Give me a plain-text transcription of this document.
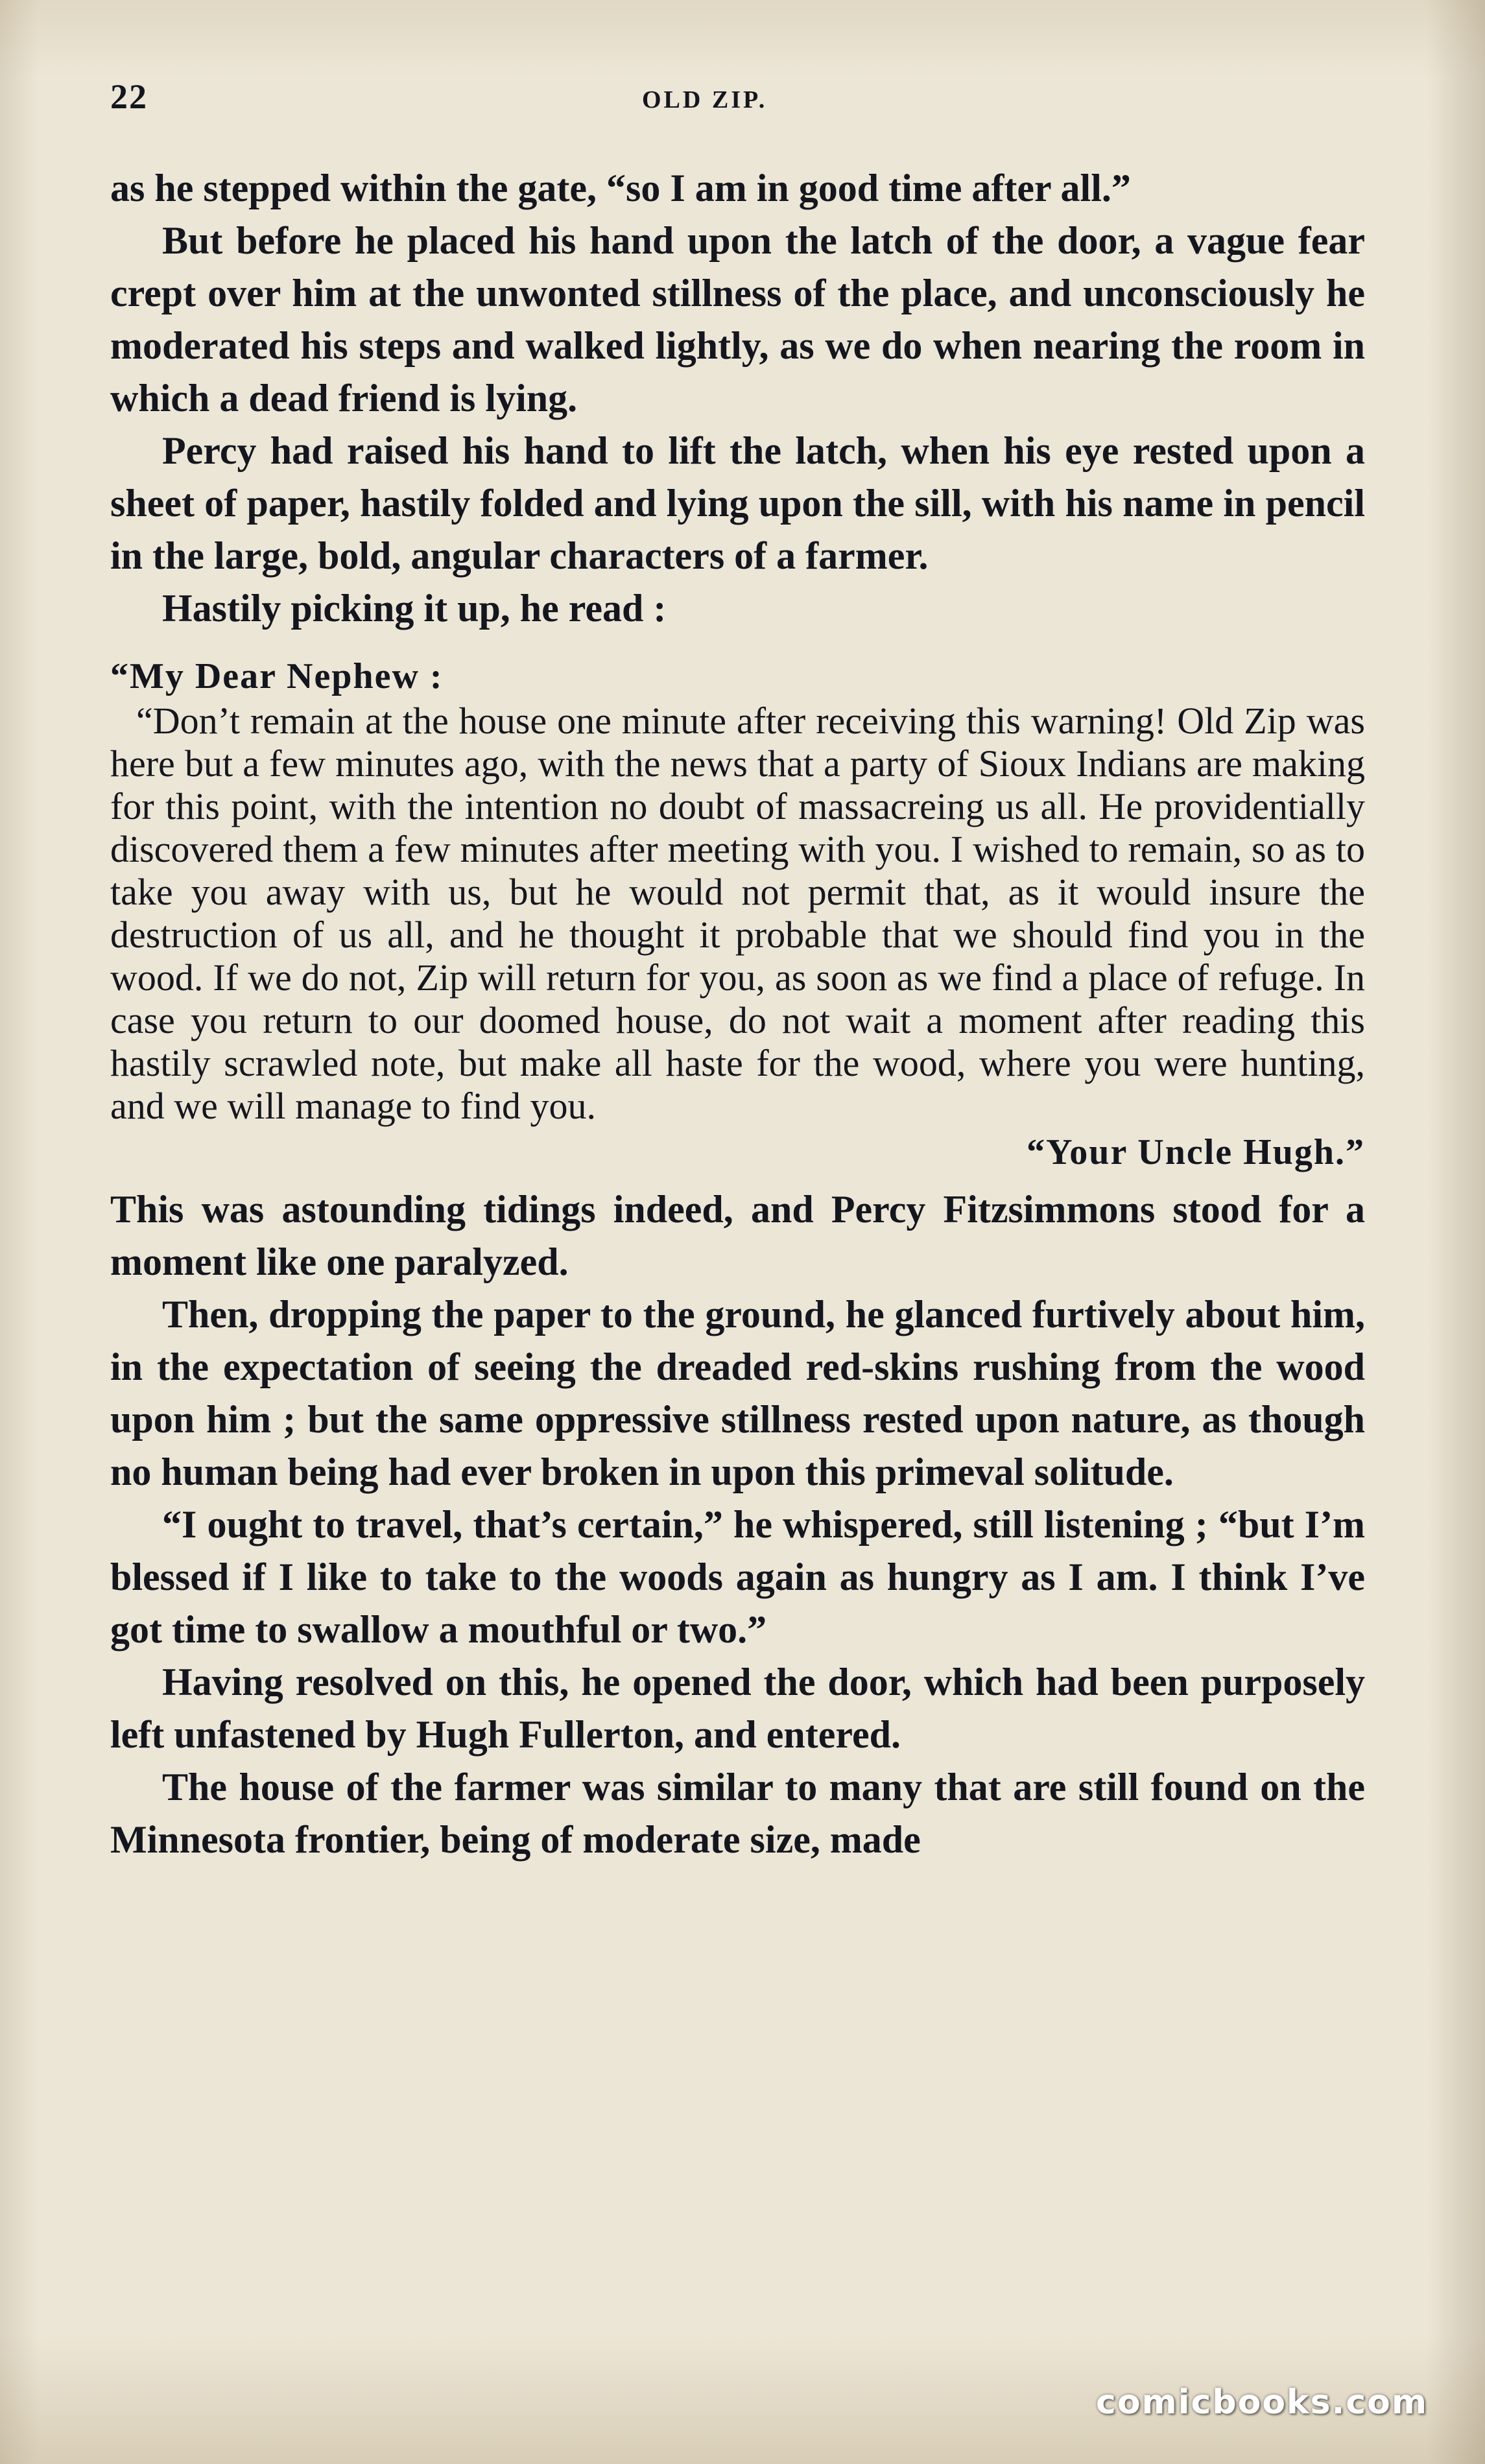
22	OLD ZIP.

as he stepped within the gate, “so I am in good time after all.”

But before he placed his hand upon the latch of the door, a vague fear crept over him at the unwonted stillness of the place, and unconsciously he moderated his steps and walked lightly, as we do when nearing the room in which a dead friend is lying.

Percy had raised his hand to lift the latch, when his eye rested upon a sheet of paper, hastily folded and lying upon the sill, with his name in pencil in the large, bold, angular characters of a farmer.

Hastily picking it up, he read :

“My Dear Nephew :

“Don’t remain at the house one minute after receiving this warning! Old Zip was here but a few minutes ago, with the news that a party of Sioux Indians are making for this point, with the intention no doubt of massacreing us all. He providentially discovered them a few minutes after meeting with you. I wished to remain, so as to take you away with us, but he would not permit that, as it would insure the destruction of us all, and he thought it probable that we should find you in the wood. If we do not, Zip will return for you, as soon as we find a place of refuge. In case you return to our doomed house, do not wait a moment after reading this hastily scrawled note, but make all haste for the wood, where you were hunting, and we will manage to find you.

“Your Uncle Hugh.”

This was astounding tidings indeed, and Percy Fitzsimmons stood for a moment like one paralyzed.

Then, dropping the paper to the ground, he glanced furtively about him, in the expectation of seeing the dreaded red-skins rushing from the wood upon him ; but the same oppressive stillness rested upon nature, as though no human being had ever broken in upon this primeval solitude.

“I ought to travel, that’s certain,” he whispered, still listening ; “but I’m blessed if I like to take to the woods again as hungry as I am. I think I’ve got time to swallow a mouthful or two.”

Having resolved on this, he opened the door, which had been purposely left unfastened by Hugh Fullerton, and entered.

The house of the farmer was similar to many that are still found on the Minnesota frontier, being of moderate size, made

comicbooks.com
